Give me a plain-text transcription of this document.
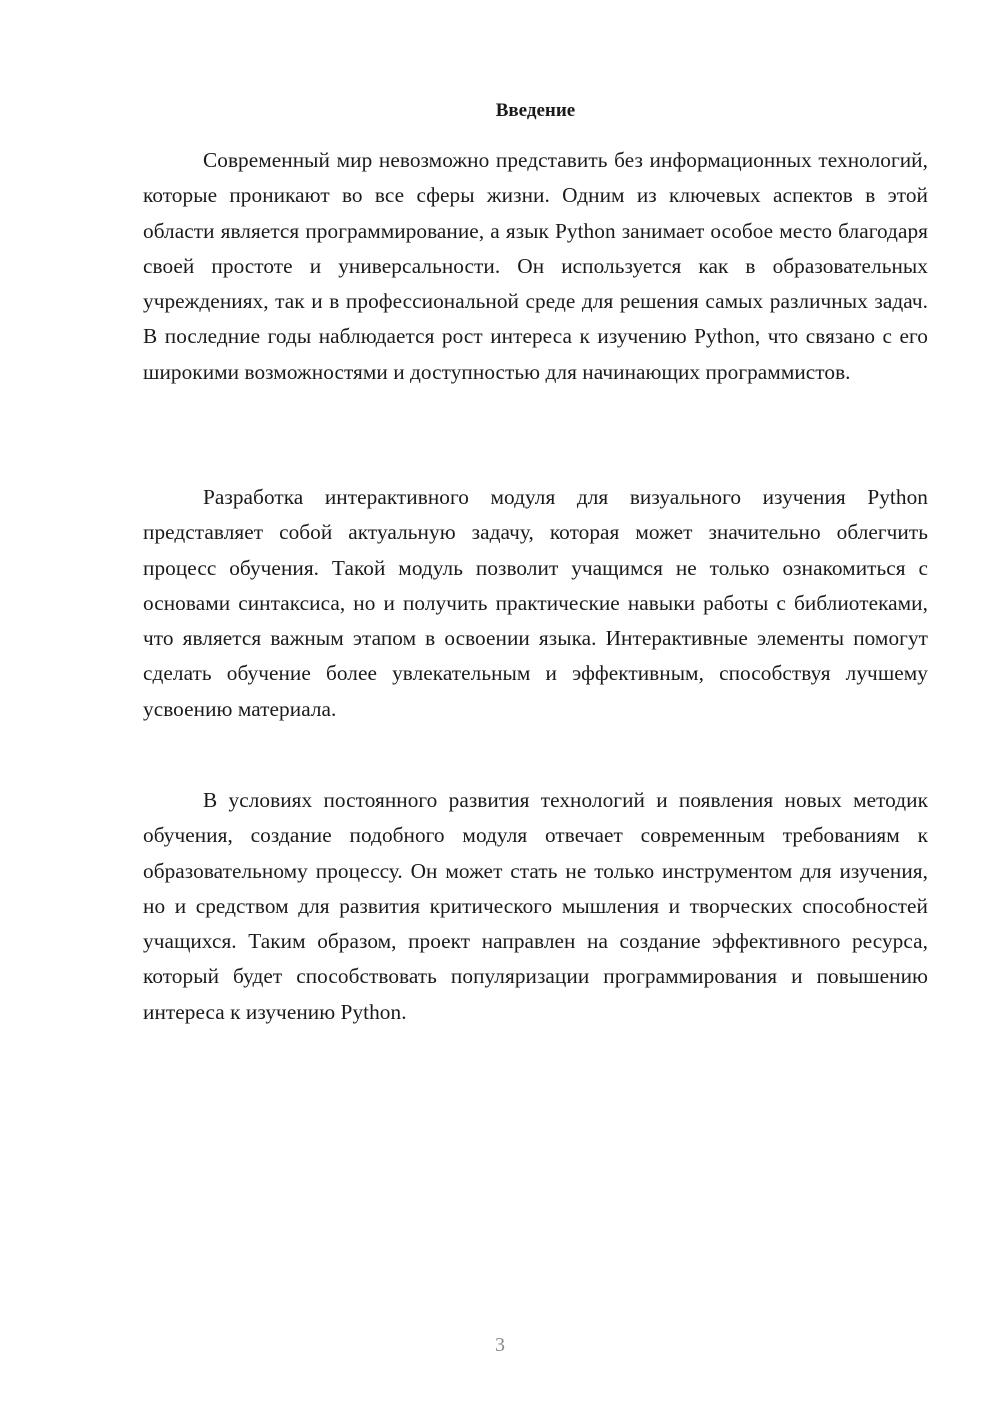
Введение

Современный мир невозможно представить без информационных технологий, которые проникают во все сферы жизни. Одним из ключевых аспектов в этой области является программирование, а язык Python занимает особое место благодаря своей простоте и универсальности. Он используется как в образовательных учреждениях, так и в профессиональной среде для решения самых различных задач. В последние годы наблюдается рост интереса к изучению Python, что связано с его широкими возможностями и доступностью для начинающих программистов.

Разработка интерактивного модуля для визуального изучения Python представляет собой актуальную задачу, которая может значительно облегчить процесс обучения. Такой модуль позволит учащимся не только ознакомиться с основами синтаксиса, но и получить практические навыки работы с библиотеками, что является важным этапом в освоении языка. Интерактивные элементы помогут сделать обучение более увлекательным и эффективным, способствуя лучшему усвоению материала.

В условиях постоянного развития технологий и появления новых методик обучения, создание подобного модуля отвечает современным требованиям к образовательному процессу. Он может стать не только инструментом для изучения, но и средством для развития критического мышления и творческих способностей учащихся. Таким образом, проект направлен на создание эффективного ресурса, который будет способствовать популяризации программирования и повышению интереса к изучению Python.

3
